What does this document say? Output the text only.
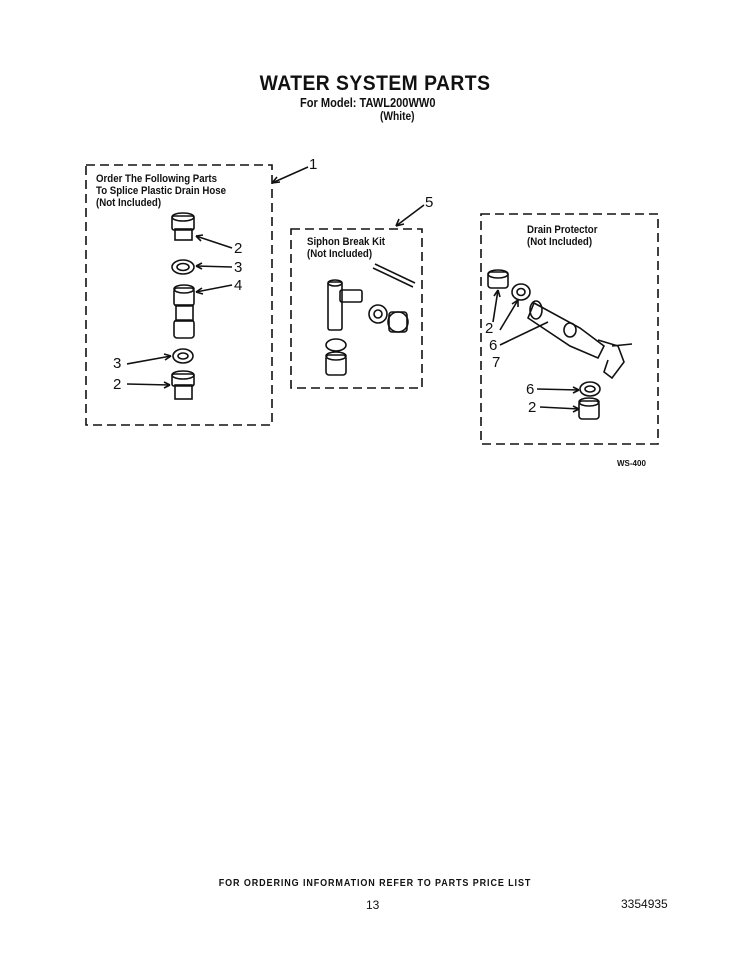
WATER SYSTEM PARTS
For Model: TAWL200WW0
(White)
Order The Following Parts
To Splice Plastic Drain Hose
(Not Included)
Siphon Break Kit
(Not Included)
Drain Protector
(Not Included)
1
5
2
3
4
3
2
2
6
7
6
2
WS-400
FOR ORDERING INFORMATION REFER TO PARTS PRICE LIST
13	3354935
